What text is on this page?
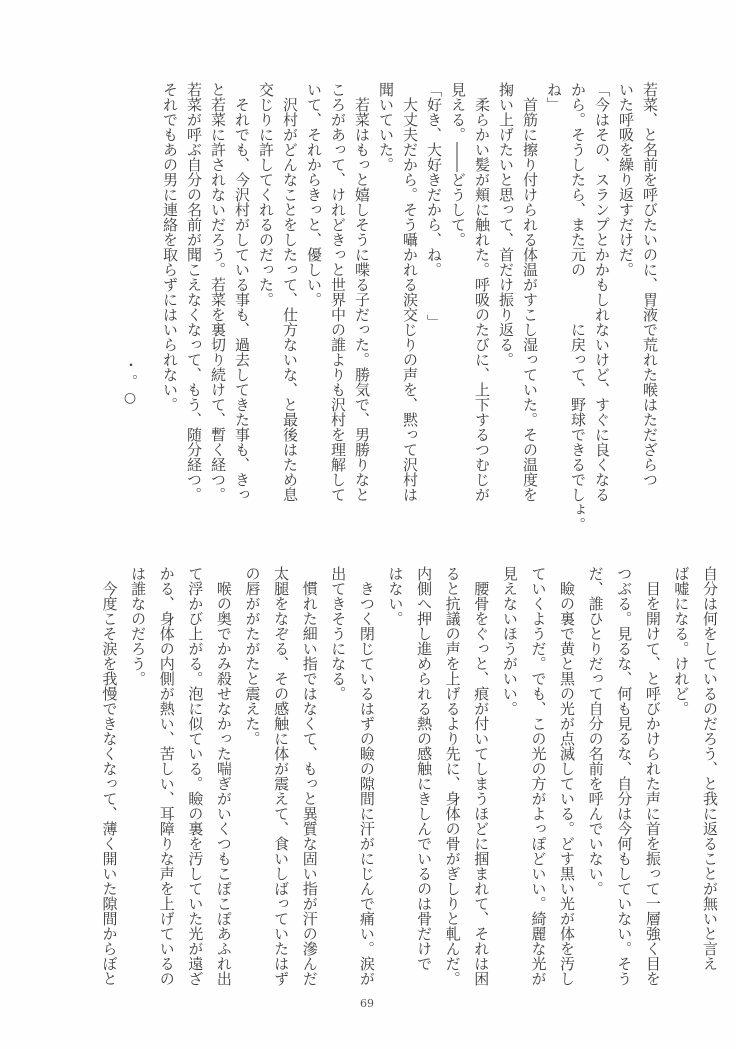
若菜、と名前を呼びたいのに、胃液で荒れた喉はただざらつ
いた呼吸を繰り返すだけだ。
「今はその、スランプとかかもしれないけど、すぐに良くなる
から。そうしたら、また元の　　　に戻って、野球できるでしょ。
ね」
　首筋に擦り付けられる体温がすこし湿っていた。その温度を
掬い上げたいと思って、首だけ振り返る。
　柔らかい髪が頬に触れた。呼吸のたびに、上下するつむじが
見える。――どうして。
「好き、大好きだから、ね。　　　」
　大丈夫だから。そう囁かれる涙交じりの声を、黙って沢村は
聞いていた。
　若菜はもっと嬉しそうに喋る子だった。勝気で、男勝りなと
ころがあって、けれどきっと世界中の誰よりも沢村を理解して
いて、それからきっと、優しい。
　沢村がどんなことをしたって、仕方ないな、と最後はため息
交じりに許してくれるのだった。
　それでも、今沢村がしている事も、過去してきた事も、きっ
と若菜に許されないだろう。若菜を裏切り続けて、暫く経つ。
若菜が呼ぶ自分の名前が聞こえなくなって、もう、随分経つ。
それでもあの男に連絡を取らずにはいられない。
・。○
自分は何をしているのだろう、と我に返ることが無いと言え
ば嘘になる。けれど。
　目を開けて、と呼びかけられた声に首を振って一層強く目を
つぶる。見るな、何も見るな、自分は今何もしていない。そう
だ、誰ひとりだって自分の名前を呼んでいない。
　瞼の裏で黄と黒の光が点滅している。どす黒い光が体を汚し
ていくようだ。でも、この光の方がよっぽどいい。綺麗な光が
見えないほうがいい。
　腰骨をぐっと、痕が付いてしまうほどに掴まれて、それは困
ると抗議の声を上げるより先に、身体の骨がぎしりと軋んだ。
内側へ押し進められる熱の感触にきしんでいるのは骨だけで
はない。
　きつく閉じているはずの瞼の隙間に汗がにじんで痛い。涙が
出てきそうになる。
　慣れた細い指ではなくて、もっと異質な固い指が汗の滲んだ
太腿をなぞる、その感触に体が震えて、食いしばっていたはず
の唇ががたがたと震えた。
　喉の奥でかみ殺せなかった喘ぎがいくつもこぽこぽあふれ出
て浮かび上がる。泡に似ている。瞼の裏を汚していた光が遠ざ
かる、身体の内側が熱い、苦しい、耳障りな声を上げているの
は誰なのだろう。
　今度こそ涙を我慢できなくなって、薄く開いた隙間からぼと
69
